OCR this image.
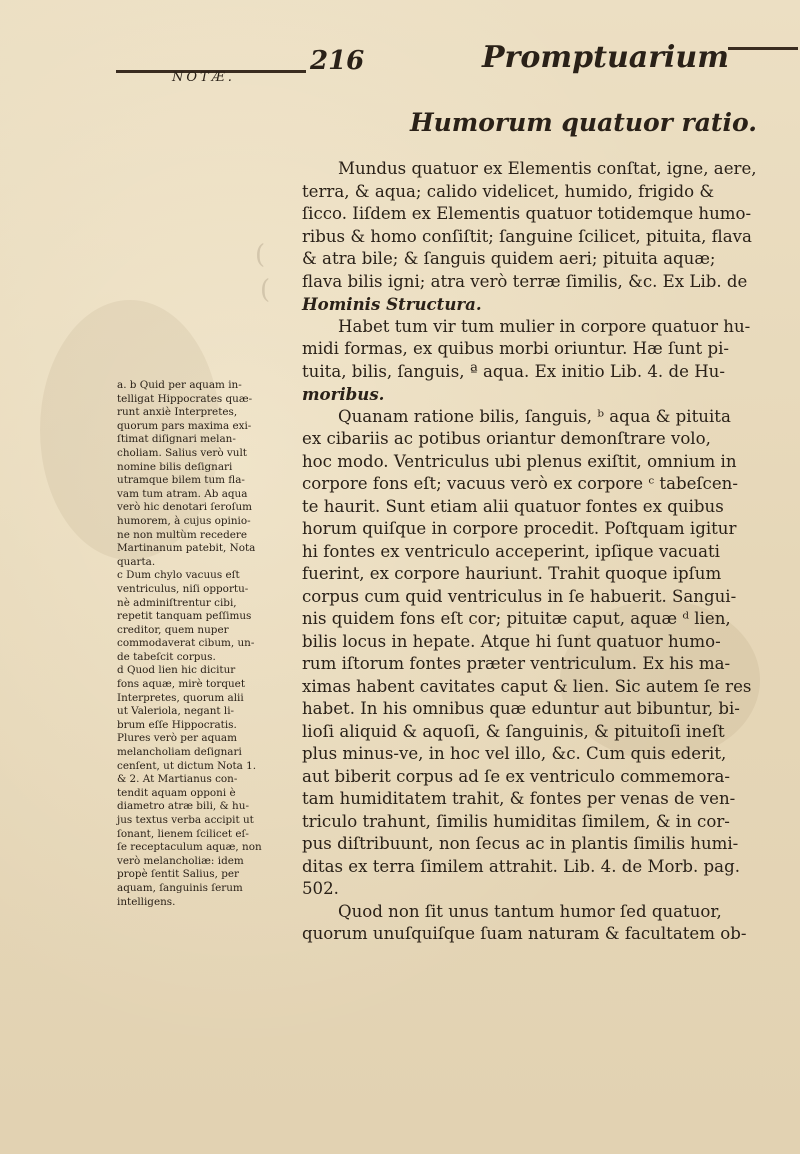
(
(
NOTÆ.
216	Promptuarium
Humorum quatuor ratio.

Mundus quatuor ex Elementis conſtat, igne, aere,

terra, & aqua; calido videlicet, humido, frigido &

ſicco. Iiſdem ex Elementis quatuor totidemque humo-

ribus & homo conſiſtit; ſanguine ſcilicet, pituita, flava

& atra bile; & ſanguis quidem aeri; pituita aquæ;

flava bilis igni; atra verò terræ ſimilis, &c. Ex Lib. de

Hominis Structura.

Habet tum vir tum mulier in corpore quatuor hu-

midi formas, ex quibus morbi oriuntur. Hæ ſunt pi-

tuita, bilis, ſanguis, ª aqua. Ex initio Lib. 4. de Hu-

moribus.

Quanam ratione bilis, ſanguis, ᵇ aqua & pituita

ex cibariis ac potibus oriantur demonſtrare volo,

hoc modo. Ventriculus ubi plenus exiſtit, omnium in

corpore fons eſt; vacuus verò ex corpore ᶜ tabeſcen-

te haurit. Sunt etiam alii quatuor fontes ex quibus

horum quiſque in corpore procedit. Poſtquam igitur

hi fontes ex ventriculo acceperint, ipſique vacuati

fuerint, ex corpore hauriunt. Trahit quoque ipſum

corpus cum quid ventriculus in ſe habuerit. Sangui-

nis quidem fons eſt cor; pituitæ caput, aquæ ᵈ lien,

bilis locus in hepate. Atque hi ſunt quatuor humo-

rum iſtorum fontes præter ventriculum. Ex his ma-

ximas habent cavitates caput & lien. Sic autem ſe res

habet. In his omnibus quæ eduntur aut bibuntur, bi-

lioſi aliquid & aquoſi, & ſanguinis, & pituitoſi ineſt

plus minus-ve, in hoc vel illo, &c. Cum quis ederit,

aut biberit corpus ad ſe ex ventriculo commemora-

tam humiditatem trahit, & fontes per venas de ven-

triculo trahunt, ſimilis humiditas ſimilem, & in cor-

pus diſtribuunt, non ſecus ac in plantis ſimilis humi-

ditas ex terra ſimilem attrahit. Lib. 4. de Morb. pag.

502.

Quod non ſit unus tantum humor ſed quatuor,

quorum unuſquiſque ſuam naturam & facultatem ob-

a. b Quid per aquam in-

telligat Hippocrates quæ-

runt anxiè Interpretes,

quorum pars maxima exi-

ſtimat diſignari melan-

choliam. Salius verò vult

nomine bilis deſignari

utramque bilem tum fla-

vam tum atram. Ab aqua

verò hic denotari ſeroſum

humorem, à cujus opinio-

ne non multùm recedere

Martinanum patebit, Nota

quarta.

c Dum chylo vacuus eſt

ventriculus, niſi opportu-

nè adminiſtrentur cibi,

repetit tanquam peſſimus

creditor, quem nuper

commodaverat cibum, un-

de tabeſcit corpus.

d Quod lien hic dicitur

fons aquæ, mirè torquet

Interpretes, quorum alii

ut Valeriola, negant li-

brum eſſe Hippocratis.

Plures verò per aquam

melancholiam deſignari

cenſent, ut dictum Nota 1.

& 2. At Martianus con-

tendit aquam opponi è

diametro atræ bili, & hu-

jus textus verba accipit ut

ſonant, lienem ſcilicet eſ-

ſe receptaculum aquæ, non

verò melancholiæ: idem

propè ſentit Salius, per

aquam, ſanguinis ſerum

intelligens.
